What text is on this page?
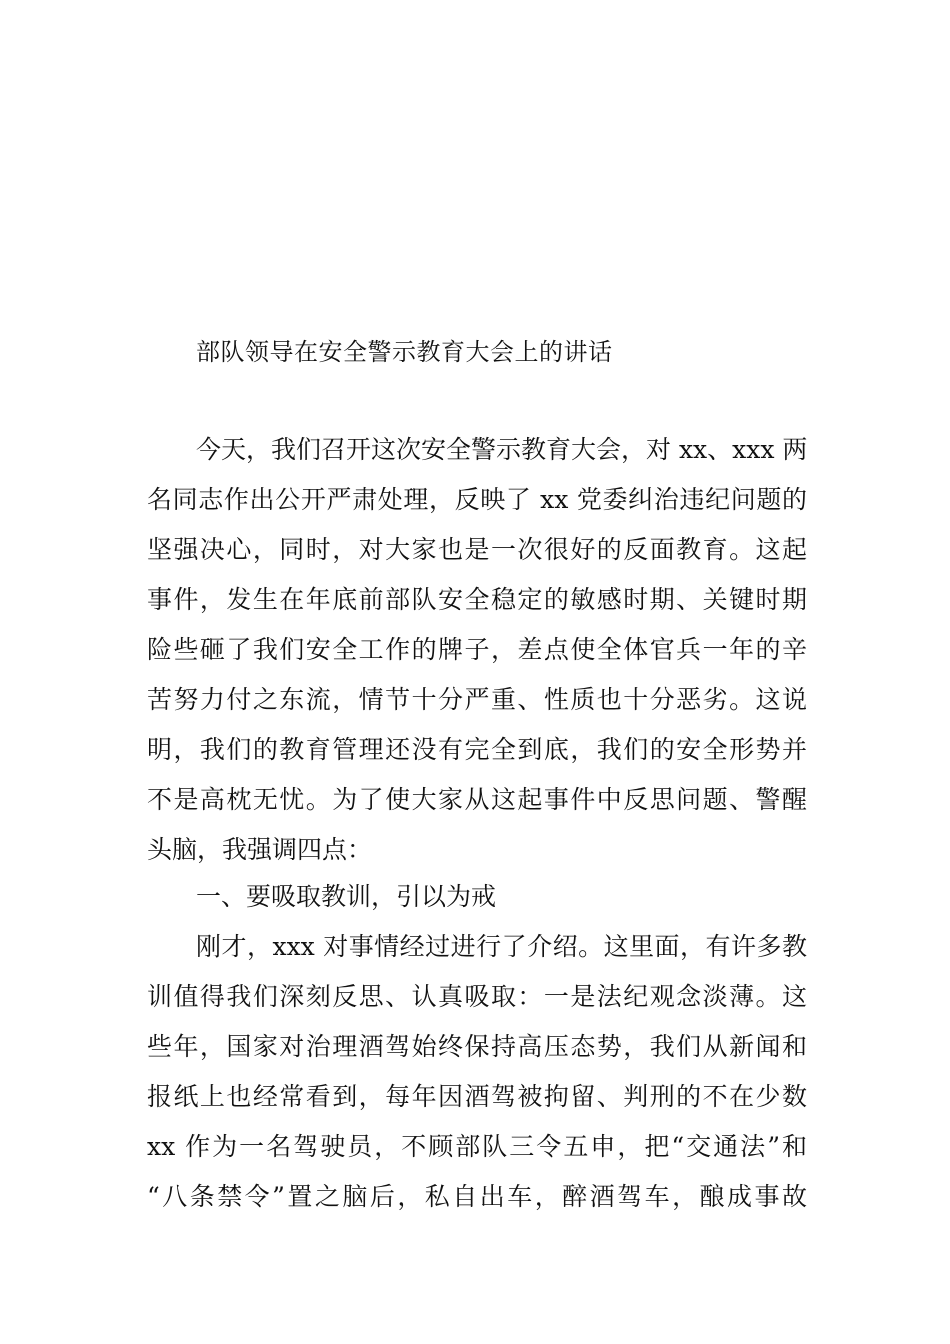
部队领导在安全警示教育大会上的讲话
今天，我们召开这次安全警示教育大会，对 xx、xxx 两
名同志作出公开严肃处理，反映了 xx 党委纠治违纪问题的
坚强决心，同时，对大家也是一次很好的反面教育。这起
事件，发生在年底前部队安全稳定的敏感时期、关键时期
险些砸了我们安全工作的牌子，差点使全体官兵一年的辛
苦努力付之东流，情节十分严重、性质也十分恶劣。这说
明，我们的教育管理还没有完全到底，我们的安全形势并
不是高枕无忧。为了使大家从这起事件中反思问题、警醒
头脑，我强调四点：
一、要吸取教训，引以为戒
刚才，xxx 对事情经过进行了介绍。这里面，有许多教
训值得我们深刻反思、认真吸取：一是法纪观念淡薄。这
些年，国家对治理酒驾始终保持高压态势，我们从新闻和
报纸上也经常看到，每年因酒驾被拘留、判刑的不在少数
xx 作为一名驾驶员，不顾部队三令五申，把“交通法”和
“八条禁令”置之脑后，私自出车，醉酒驾车，酿成事故
